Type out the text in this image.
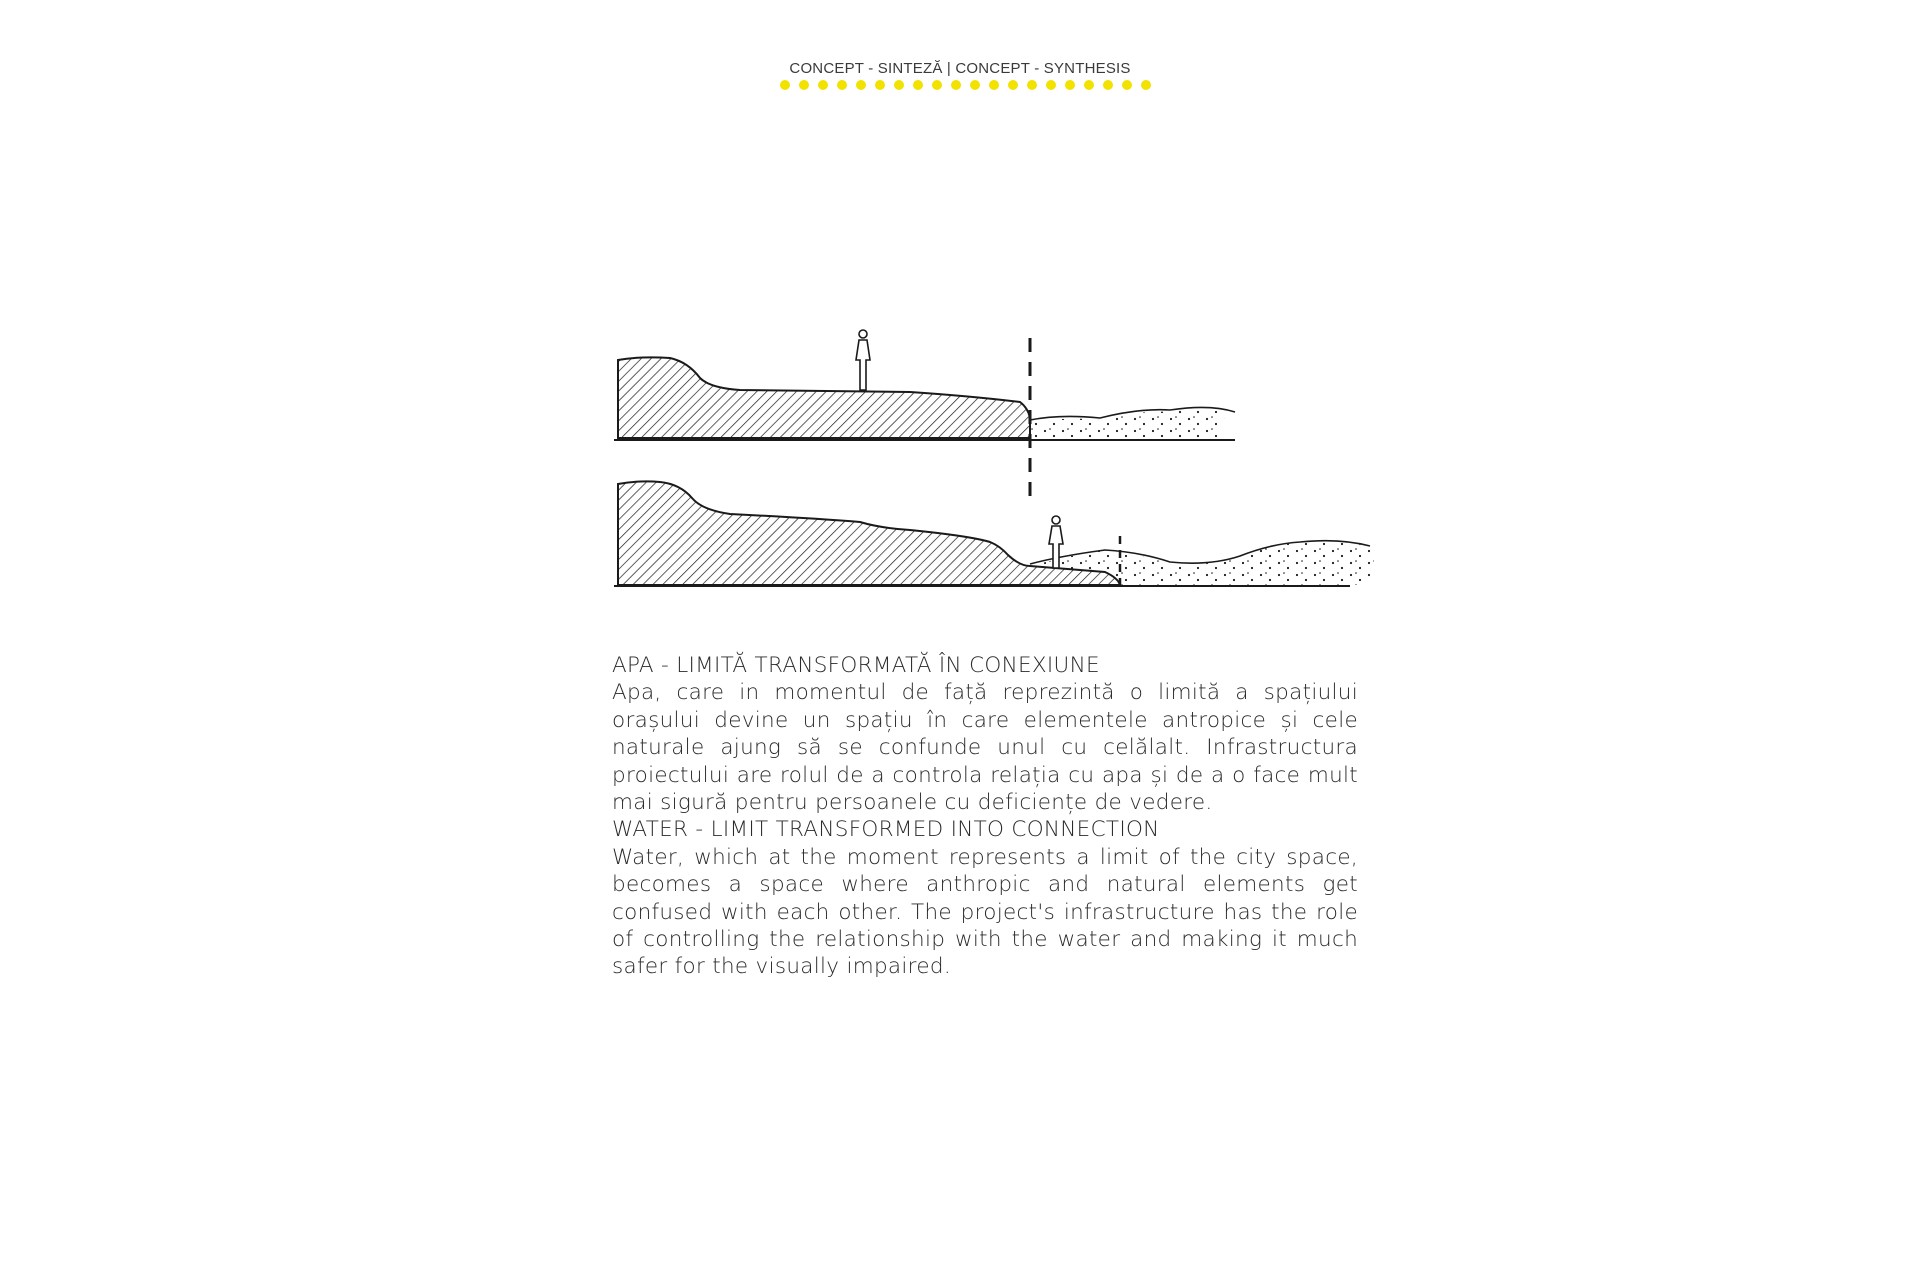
CONCEPT - SINTEZĂ | CONCEPT - SYNTHESIS
APA - LIMITĂ TRANSFORMATĂ ÎN CONEXIUNE
Apa, care in momentul de față reprezintă o limită a spațiului orașului devine un spațiu în care elementele antropice și cele naturale ajung să se confunde unul cu celălalt. Infrastructura proiectului are rolul de a controla relația cu apa și de a o face mult mai sigură pentru persoanele cu deficiențe de vedere.
WATER - LIMIT TRANSFORMED INTO CONNECTION
Water, which at the moment represents a limit of the city space, becomes a space where anthropic and natural elements get confused with each other. The project's infrastructure has the role of controlling the relationship with the water and making it much safer for the visually impaired.
